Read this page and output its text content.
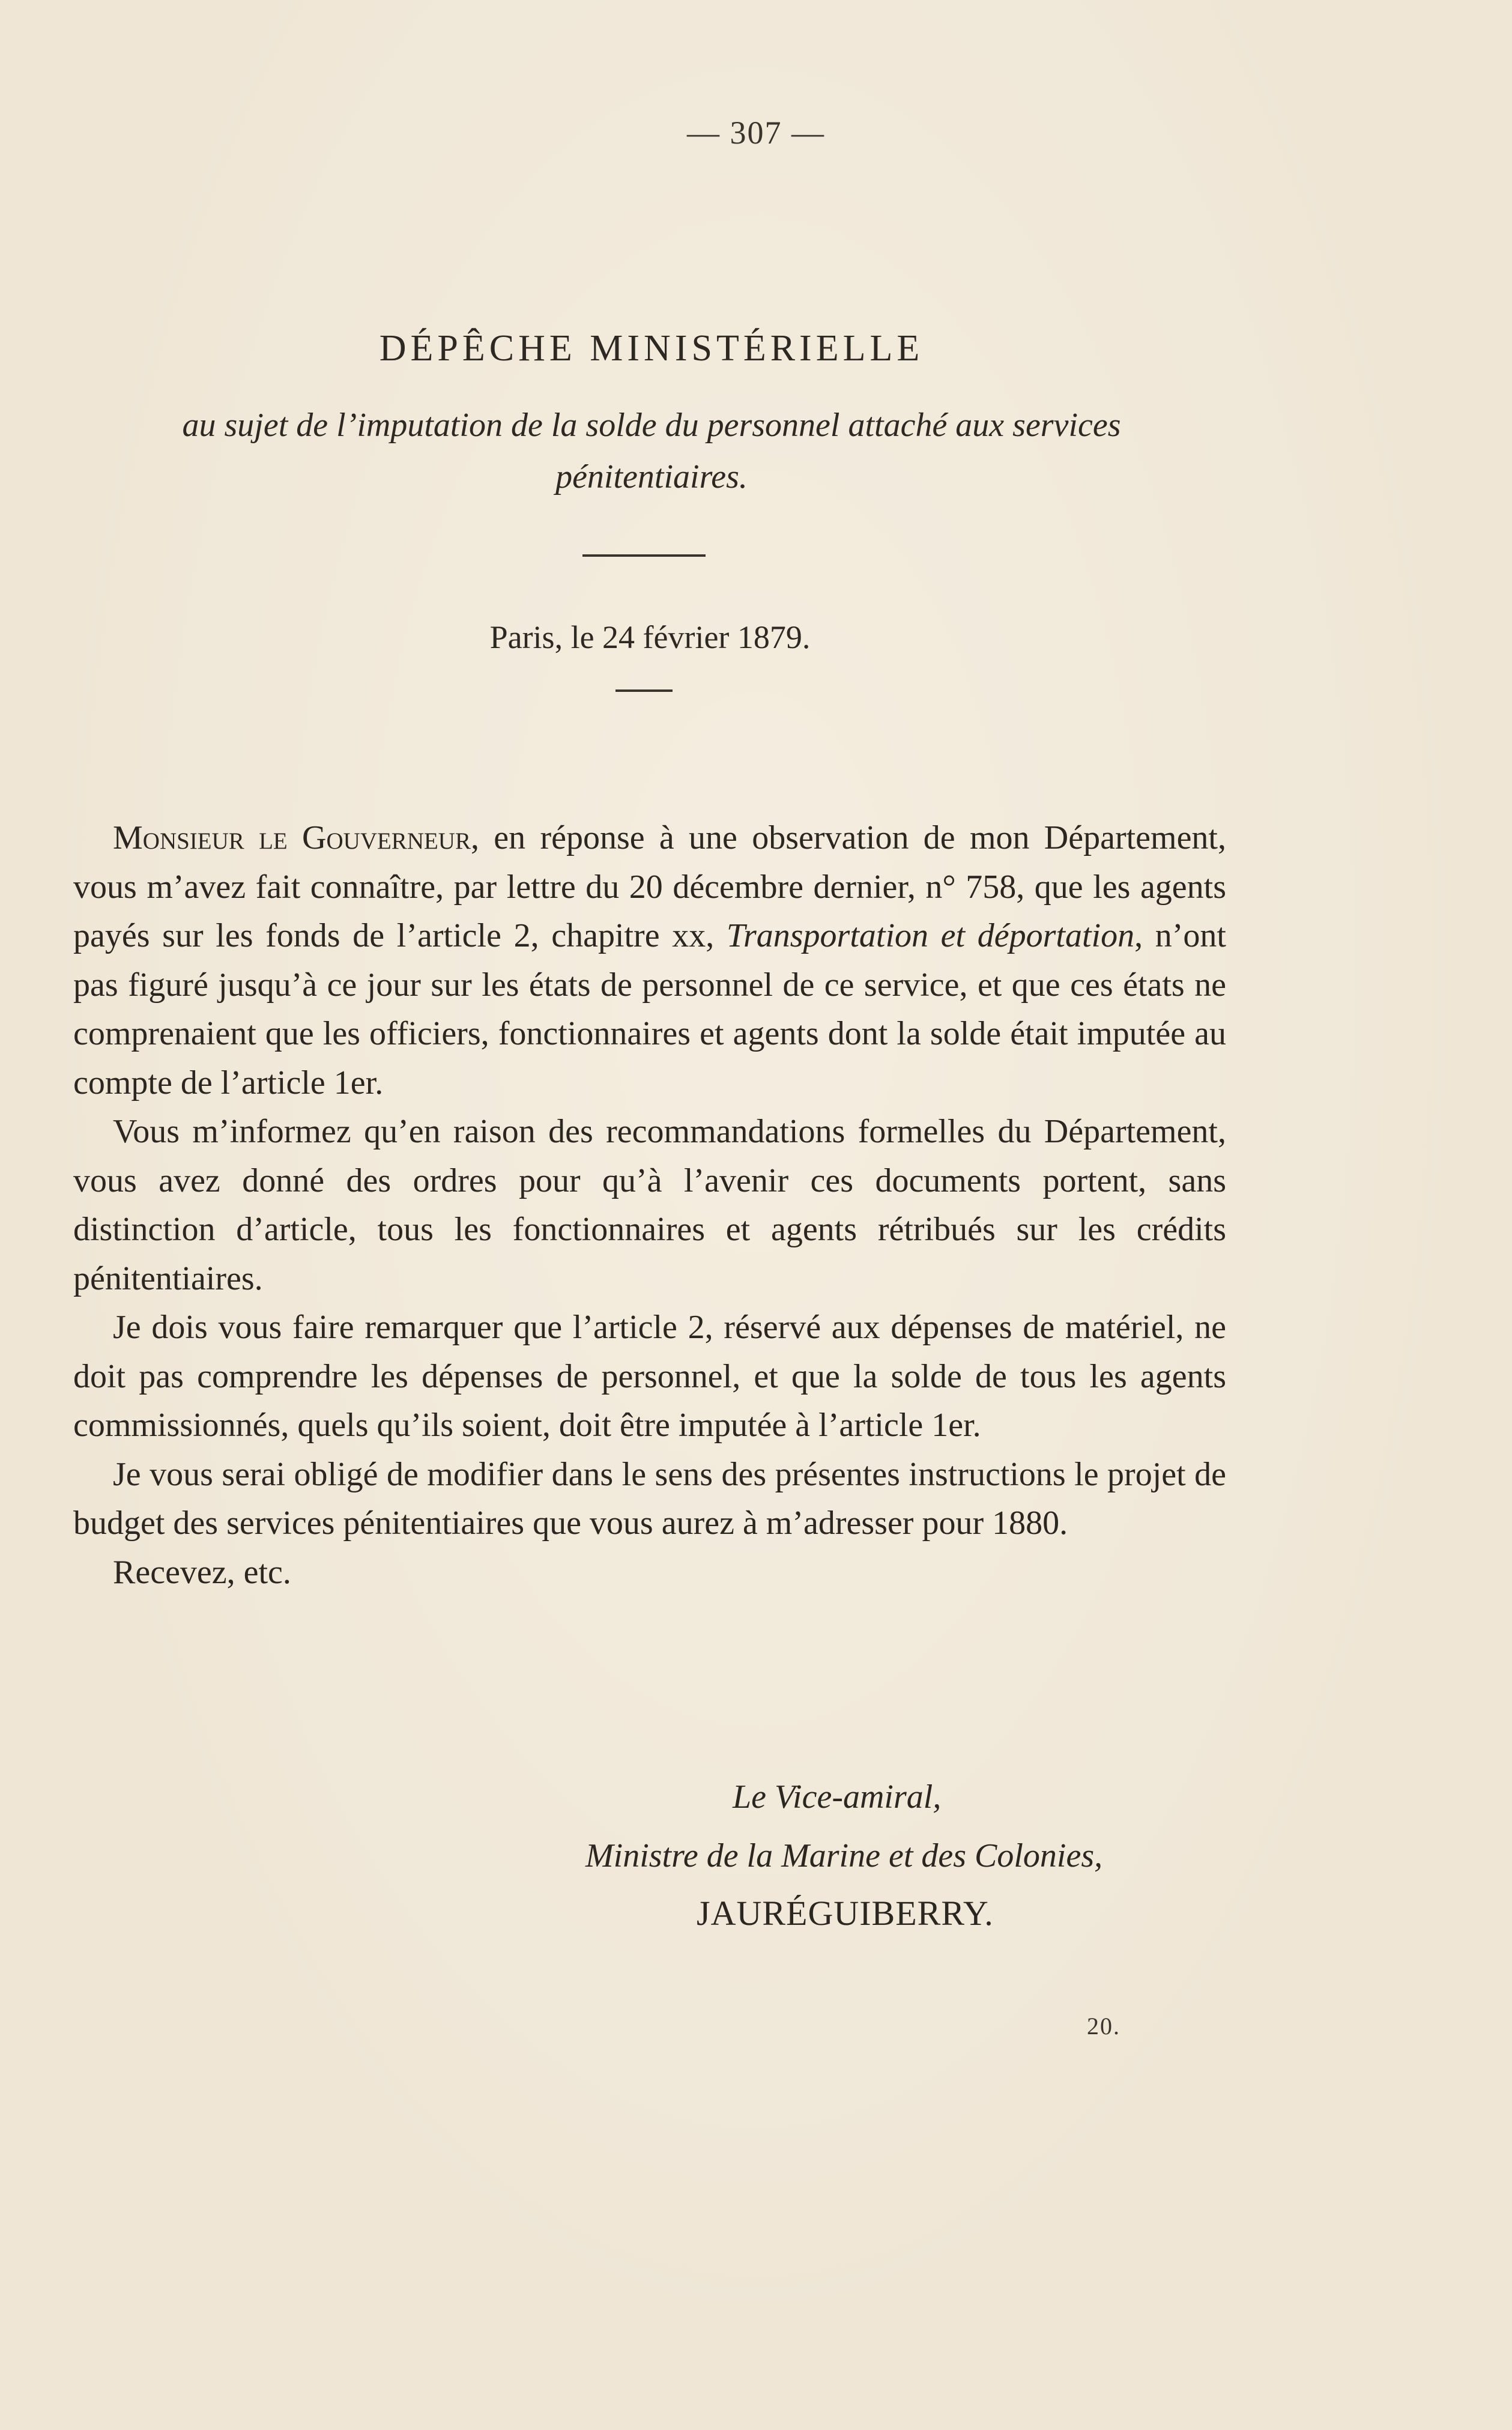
— 307 —
DÉPÊCHE MINISTÉRIELLE
au sujet de l’imputation de la solde du personnel attaché aux services
pénitentiaires.
Paris, le 24 février 1879.

Monsieur le Gouverneur, en réponse à une observation de mon Département, vous m’avez fait connaître, par lettre du 20 décembre dernier, n° 758, que les agents payés sur les fonds de l’article 2, chapitre xx, Transportation et déportation, n’ont pas figuré jusqu’à ce jour sur les états de personnel de ce service, et que ces états ne comprenaient que les officiers, fonctionnaires et agents dont la solde était imputée au compte de l’article 1er.

Vous m’informez qu’en raison des recommandations formelles du Département, vous avez donné des ordres pour qu’à l’avenir ces documents portent, sans distinction d’article, tous les fonctionnaires et agents rétribués sur les crédits pénitentiaires.

Je dois vous faire remarquer que l’article 2, réservé aux dépenses de matériel, ne doit pas comprendre les dépenses de personnel, et que la solde de tous les agents commissionnés, quels qu’ils soient, doit être imputée à l’article 1er.

Je vous serai obligé de modifier dans le sens des présentes instructions le projet de budget des services pénitentiaires que vous aurez à m’adresser pour 1880.

Recevez, etc.

Le Vice-amiral,
Ministre de la Marine et des Colonies,
JAURÉGUIBERRY.
20.
